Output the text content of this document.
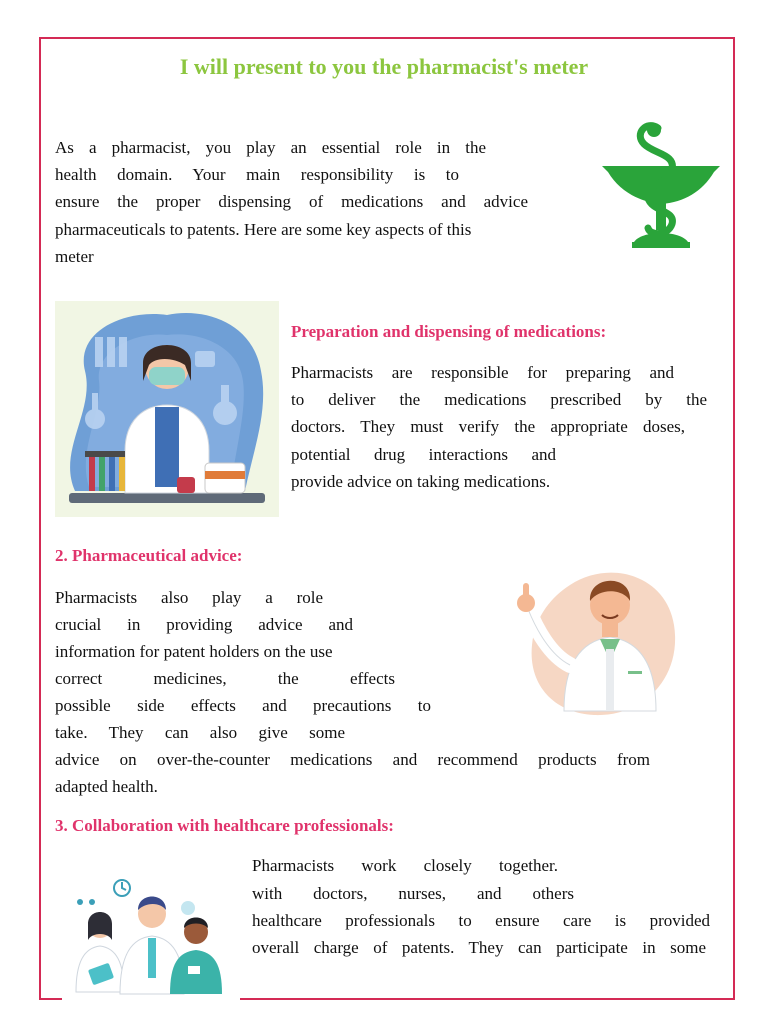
I will present to you the pharmacist's meter

As a pharmacist, you play an essential role in the

health domain. Your main responsibility is to

ensure the proper dispensing of medications and advice

pharmaceuticals to patents. Here are some key aspects of this

meter

Preparation and dispensing of medications:

Pharmacists are responsible for preparing and

to deliver the medications prescribed by the

doctors. They must verify the appropriate doses,

potential drug interactions and

provide advice on taking medications.

2. Pharmaceutical advice:

Pharmacists also play a role

crucial in providing advice and

information for patent holders on the use

correct medicines, the effects

possible side effects and precautions to

take. They can also give some

advice on over-the-counter medications and recommend products from

adapted health.

3. Collaboration with healthcare professionals:

Pharmacists work closely together.

with doctors, nurses, and others

healthcare professionals to ensure care is provided

overall charge of patents. They can participate in some
